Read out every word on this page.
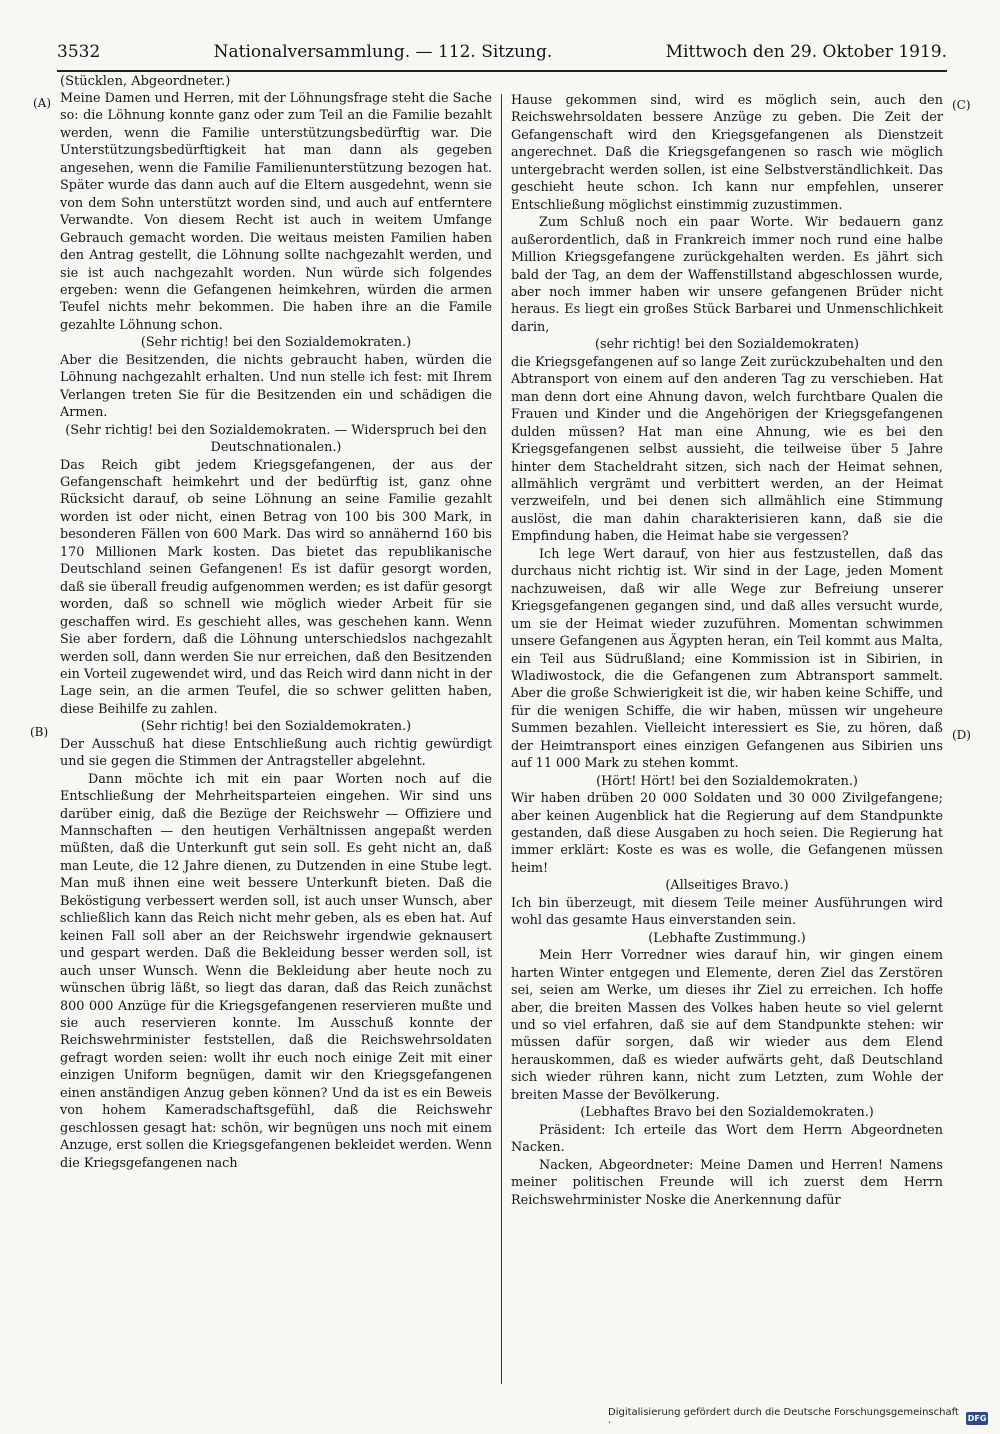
3532	Nationalversammlung. — 112. Sitzung.	Mittwoch den 29. Oktober 1919.
(Stücklen, Abgeordneter.)
(A)
(B)
(C)
(D)

Meine Damen und Herren, mit der Löhnungsfrage steht die Sache so: die Löhnung konnte ganz oder zum Teil an die Familie bezahlt werden, wenn die Familie unterstützungsbedürftig war. Die Unterstützungsbedürftigkeit hat man dann als gegeben angesehen, wenn die Familie Familienunterstützung bezogen hat. Später wurde das dann auch auf die Eltern ausgedehnt, wenn sie von dem Sohn unterstützt worden sind, und auch auf entferntere Verwandte. Von diesem Recht ist auch in weitem Umfange Gebrauch gemacht worden. Die weitaus meisten Familien haben den Antrag gestellt, die Löhnung sollte nachgezahlt werden, und sie ist auch nachgezahlt worden. Nun würde sich folgendes ergeben: wenn die Gefangenen heimkehren, würden die armen Teufel nichts mehr bekommen. Die haben ihre an die Famile gezahlte Löhnung schon.

(Sehr richtig! bei den Sozialdemokraten.)

Aber die Besitzenden, die nichts gebraucht haben, würden die Löhnung nachgezahlt erhalten. Und nun stelle ich fest: mit Ihrem Verlangen treten Sie für die Besitzenden ein und schädigen die Armen.

(Sehr richtig! bei den Sozialdemokraten. — Widerspruch bei den Deutschnationalen.)

Das Reich gibt jedem Kriegsgefangenen, der aus der Gefangenschaft heimkehrt und der bedürftig ist, ganz ohne Rücksicht darauf, ob seine Löhnung an seine Familie gezahlt worden ist oder nicht, einen Betrag von 100 bis 300 Mark, in besonderen Fällen von 600 Mark. Das wird so annähernd 160 bis 170 Millionen Mark kosten. Das bietet das republikanische Deutschland seinen Gefangenen! Es ist dafür gesorgt worden, daß sie überall freudig aufgenommen werden; es ist dafür gesorgt worden, daß so schnell wie möglich wieder Arbeit für sie geschaffen wird. Es geschieht alles, was geschehen kann. Wenn Sie aber fordern, daß die Löhnung unterschiedslos nachgezahlt werden soll, dann werden Sie nur erreichen, daß den Besitzenden ein Vorteil zugewendet wird, und das Reich wird dann nicht in der Lage sein, an die armen Teufel, die so schwer gelitten haben, diese Beihilfe zu zahlen.

(Sehr richtig! bei den Sozialdemokraten.)

Der Ausschuß hat diese Entschließung auch richtig gewürdigt und sie gegen die Stimmen der Antragsteller abgelehnt.

Dann möchte ich mit ein paar Worten noch auf die Entschließung der Mehrheitsparteien eingehen. Wir sind uns darüber einig, daß die Bezüge der Reichswehr — Offiziere und Mannschaften — den heutigen Verhältnissen angepaßt werden müßten, daß die Unterkunft gut sein soll. Es geht nicht an, daß man Leute, die 12 Jahre dienen, zu Dutzenden in eine Stube legt. Man muß ihnen eine weit bessere Unterkunft bieten. Daß die Beköstigung verbessert werden soll, ist auch unser Wunsch, aber schließlich kann das Reich nicht mehr geben, als es eben hat. Auf keinen Fall soll aber an der Reichswehr irgendwie geknausert und gespart werden. Daß die Bekleidung besser werden soll, ist auch unser Wunsch. Wenn die Bekleidung aber heute noch zu wünschen übrig läßt, so liegt das daran, daß das Reich zunächst 800 000 Anzüge für die Kriegsgefangenen reservieren mußte und sie auch reservieren konnte. Im Ausschuß konnte der Reichswehrminister feststellen, daß die Reichswehrsoldaten gefragt worden seien: wollt ihr euch noch einige Zeit mit einer einzigen Uniform begnügen, damit wir den Kriegsgefangenen einen anständigen Anzug geben können? Und da ist es ein Beweis von hohem Kameradschaftsgefühl, daß die Reichswehr geschlossen gesagt hat: schön, wir begnügen uns noch mit einem Anzuge, erst sollen die Kriegsgefangenen bekleidet werden. Wenn die Kriegsgefangenen nach

Hause gekommen sind, wird es möglich sein, auch den Reichswehrsoldaten bessere Anzüge zu geben. Die Zeit der Gefangenschaft wird den Kriegsgefangenen als Dienstzeit angerechnet. Daß die Kriegsgefangenen so rasch wie möglich untergebracht werden sollen, ist eine Selbstverständlichkeit. Das geschieht heute schon. Ich kann nur empfehlen, unserer Entschließung möglichst einstimmig zuzustimmen.

Zum Schluß noch ein paar Worte. Wir bedauern ganz außerordentlich, daß in Frankreich immer noch rund eine halbe Million Kriegsgefangene zurückgehalten werden. Es jährt sich bald der Tag, an dem der Waffenstillstand abgeschlossen wurde, aber noch immer haben wir unsere gefangenen Brüder nicht heraus. Es liegt ein großes Stück Barbarei und Unmenschlichkeit darin,

(sehr richtig! bei den Sozialdemokraten)

die Kriegsgefangenen auf so lange Zeit zurückzubehalten und den Abtransport von einem auf den anderen Tag zu verschieben. Hat man denn dort eine Ahnung davon, welch furchtbare Qualen die Frauen und Kinder und die Angehörigen der Kriegsgefangenen dulden müssen? Hat man eine Ahnung, wie es bei den Kriegsgefangenen selbst aussieht, die teilweise über 5 Jahre hinter dem Stacheldraht sitzen, sich nach der Heimat sehnen, allmählich vergrämt und verbittert werden, an der Heimat verzweifeln, und bei denen sich allmählich eine Stimmung auslöst, die man dahin charakterisieren kann, daß sie die Empfindung haben, die Heimat habe sie vergessen?

Ich lege Wert darauf, von hier aus festzustellen, daß das durchaus nicht richtig ist. Wir sind in der Lage, jeden Moment nachzuweisen, daß wir alle Wege zur Befreiung unserer Kriegsgefangenen gegangen sind, und daß alles versucht wurde, um sie der Heimat wieder zuzuführen. Momentan schwimmen unsere Gefangenen aus Ägypten heran, ein Teil kommt aus Malta, ein Teil aus Südrußland; eine Kommission ist in Sibirien, in Wladiwostock, die die Gefangenen zum Abtransport sammelt. Aber die große Schwierigkeit ist die, wir haben keine Schiffe, und für die wenigen Schiffe, die wir haben, müssen wir ungeheure Summen bezahlen. Vielleicht interessiert es Sie, zu hören, daß der Heimtransport eines einzigen Gefangenen aus Sibirien uns auf 11 000 Mark zu stehen kommt.

(Hört! Hört! bei den Sozialdemokraten.)

Wir haben drüben 20 000 Soldaten und 30 000 Zivilgefangene; aber keinen Augenblick hat die Regierung auf dem Standpunkte gestanden, daß diese Ausgaben zu hoch seien. Die Regierung hat immer erklärt: Koste es was es wolle, die Gefangenen müssen heim!

(Allseitiges Bravo.)

Ich bin überzeugt, mit diesem Teile meiner Ausführungen wird wohl das gesamte Haus einverstanden sein.

(Lebhafte Zustimmung.)

Mein Herr Vorredner wies darauf hin, wir gingen einem harten Winter entgegen und Elemente, deren Ziel das Zerstören sei, seien am Werke, um dieses ihr Ziel zu erreichen. Ich hoffe aber, die breiten Massen des Volkes haben heute so viel gelernt und so viel erfahren, daß sie auf dem Standpunkte stehen: wir müssen dafür sorgen, daß wir wieder aus dem Elend herauskommen, daß es wieder aufwärts geht, daß Deutschland sich wieder rühren kann, nicht zum Letzten, zum Wohle der breiten Masse der Bevölkerung.

(Lebhaftes Bravo bei den Sozialdemokraten.)

Präsident: Ich erteile das Wort dem Herrn Abgeordneten Nacken.

Nacken, Abgeordneter: Meine Damen und Herren! Namens meiner politischen Freunde will ich zuerst dem Herrn Reichswehrminister Noske die Anerkennung dafür

Digitalisierung gefördert durch die Deutsche Forschungsgemeinschaft ·	DFG
